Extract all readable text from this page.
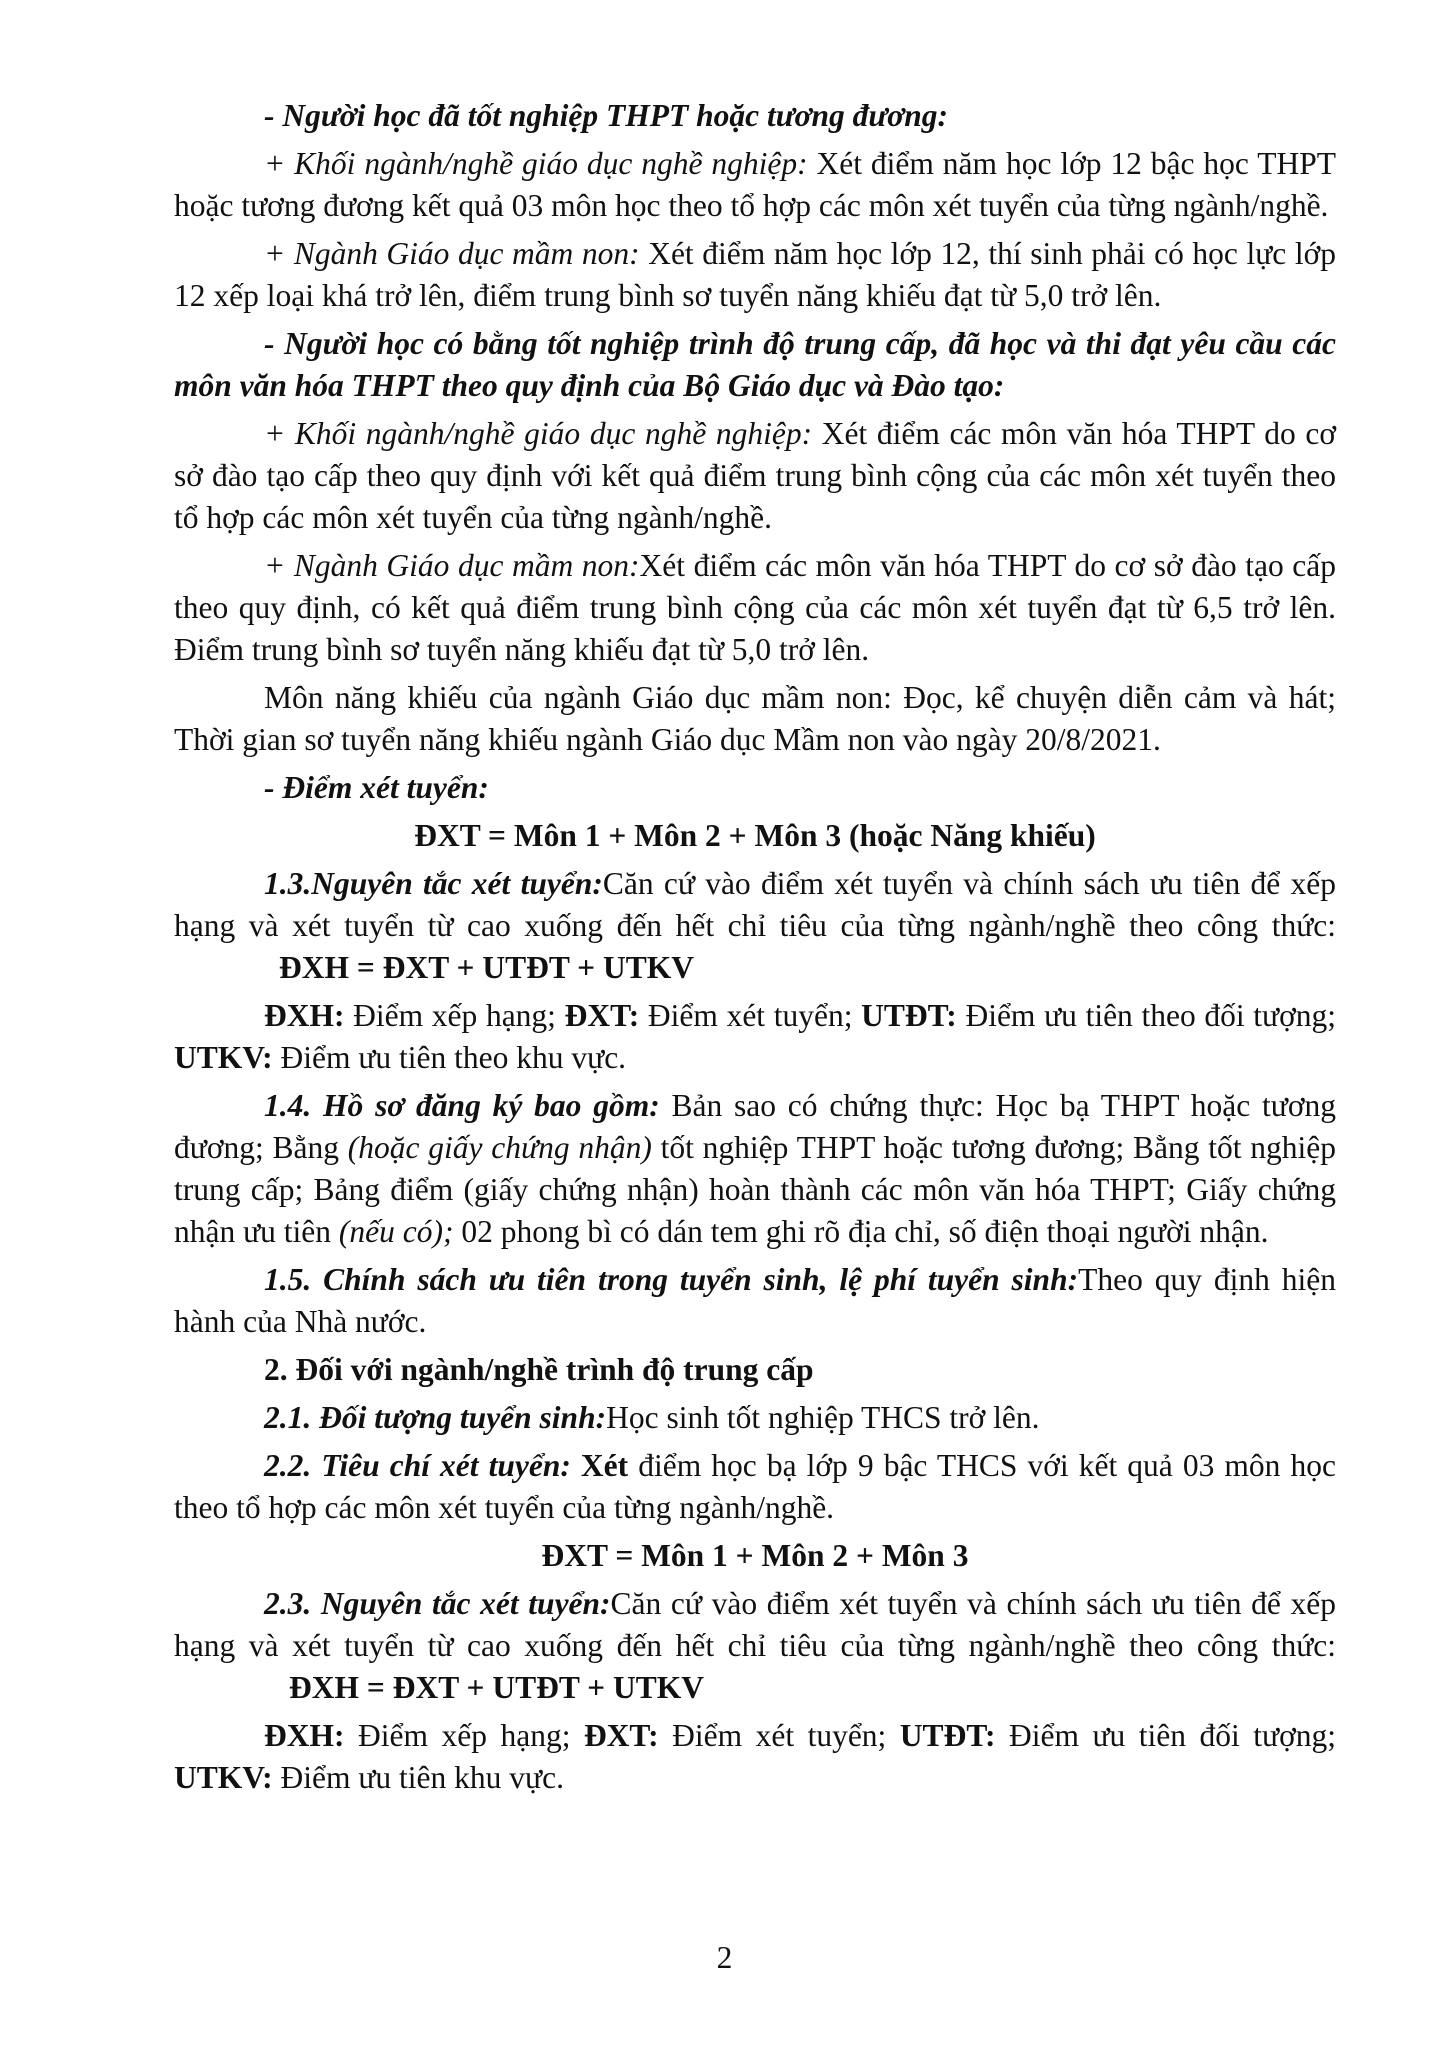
- Người học đã tốt nghiệp THPT hoặc tương đương:

+ Khối ngành/nghề giáo dục nghề nghiệp: Xét điểm năm học lớp 12 bậc học THPT hoặc tương đương kết quả 03 môn học theo tổ hợp các môn xét tuyển của từng ngành/nghề.

+ Ngành Giáo dục mầm non: Xét điểm năm học lớp 12, thí sinh phải có học lực lớp 12 xếp loại khá trở lên, điểm trung bình sơ tuyển năng khiếu đạt từ 5,0 trở lên.

- Người học có bằng tốt nghiệp trình độ trung cấp, đã học và thi đạt yêu cầu các môn văn hóa THPT theo quy định của Bộ Giáo dục và Đào tạo:

+ Khối ngành/nghề giáo dục nghề nghiệp: Xét điểm các môn văn hóa THPT do cơ sở đào tạo cấp theo quy định với kết quả điểm trung bình cộng của các môn xét tuyển theo tổ hợp các môn xét tuyển của từng ngành/nghề.

+ Ngành Giáo dục mầm non:Xét điểm các môn văn hóa THPT do cơ sở đào tạo cấp theo quy định, có kết quả điểm trung bình cộng của các môn xét tuyển đạt từ 6,5 trở lên. Điểm trung bình sơ tuyển năng khiếu đạt từ 5,0 trở lên.

Môn năng khiếu của ngành Giáo dục mầm non: Đọc, kể chuyện diễn cảm và hát; Thời gian sơ tuyển năng khiếu ngành Giáo dục Mầm non vào ngày 20/8/2021.

- Điểm xét tuyển:

ĐXT = Môn 1 + Môn 2 + Môn 3 (hoặc Năng khiếu)

1.3.Nguyên tắc xét tuyển:Căn cứ vào điểm xét tuyển và chính sách ưu tiên để xếp hạng và xét tuyển từ cao xuống đến hết chỉ tiêu của từng ngành/nghề theo công thức:ĐXH = ĐXT + UTĐT + UTKV

ĐXH: Điểm xếp hạng; ĐXT: Điểm xét tuyển; UTĐT: Điểm ưu tiên theo đối tượng; UTKV: Điểm ưu tiên theo khu vực.

1.4. Hồ sơ đăng ký bao gồm: Bản sao có chứng thực: Học bạ THPT hoặc tương đương; Bằng (hoặc giấy chứng nhận) tốt nghiệp THPT hoặc tương đương; Bằng tốt nghiệp trung cấp; Bảng điểm (giấy chứng nhận) hoàn thành các môn văn hóa THPT; Giấy chứng nhận ưu tiên (nếu có); 02 phong bì có dán tem ghi rõ địa chỉ, số điện thoại người nhận.

1.5. Chính sách ưu tiên trong tuyển sinh, lệ phí tuyển sinh:Theo quy định hiện hành của Nhà nước.

2. Đối với ngành/nghề trình độ trung cấp

2.1. Đối tượng tuyển sinh:Học sinh tốt nghiệp THCS trở lên.

2.2. Tiêu chí xét tuyển: Xét điểm học bạ lớp 9 bậc THCS với kết quả 03 môn học theo tổ hợp các môn xét tuyển của từng ngành/nghề.

ĐXT = Môn 1 + Môn 2 + Môn 3

2.3. Nguyên tắc xét tuyển:Căn cứ vào điểm xét tuyển và chính sách ưu tiên để xếp hạng và xét tuyển từ cao xuống đến hết chỉ tiêu của từng ngành/nghề theo công thức:ĐXH = ĐXT + UTĐT + UTKV

ĐXH: Điểm xếp hạng; ĐXT: Điểm xét tuyển; UTĐT: Điểm ưu tiên đối tượng; UTKV: Điểm ưu tiên khu vực.

2
